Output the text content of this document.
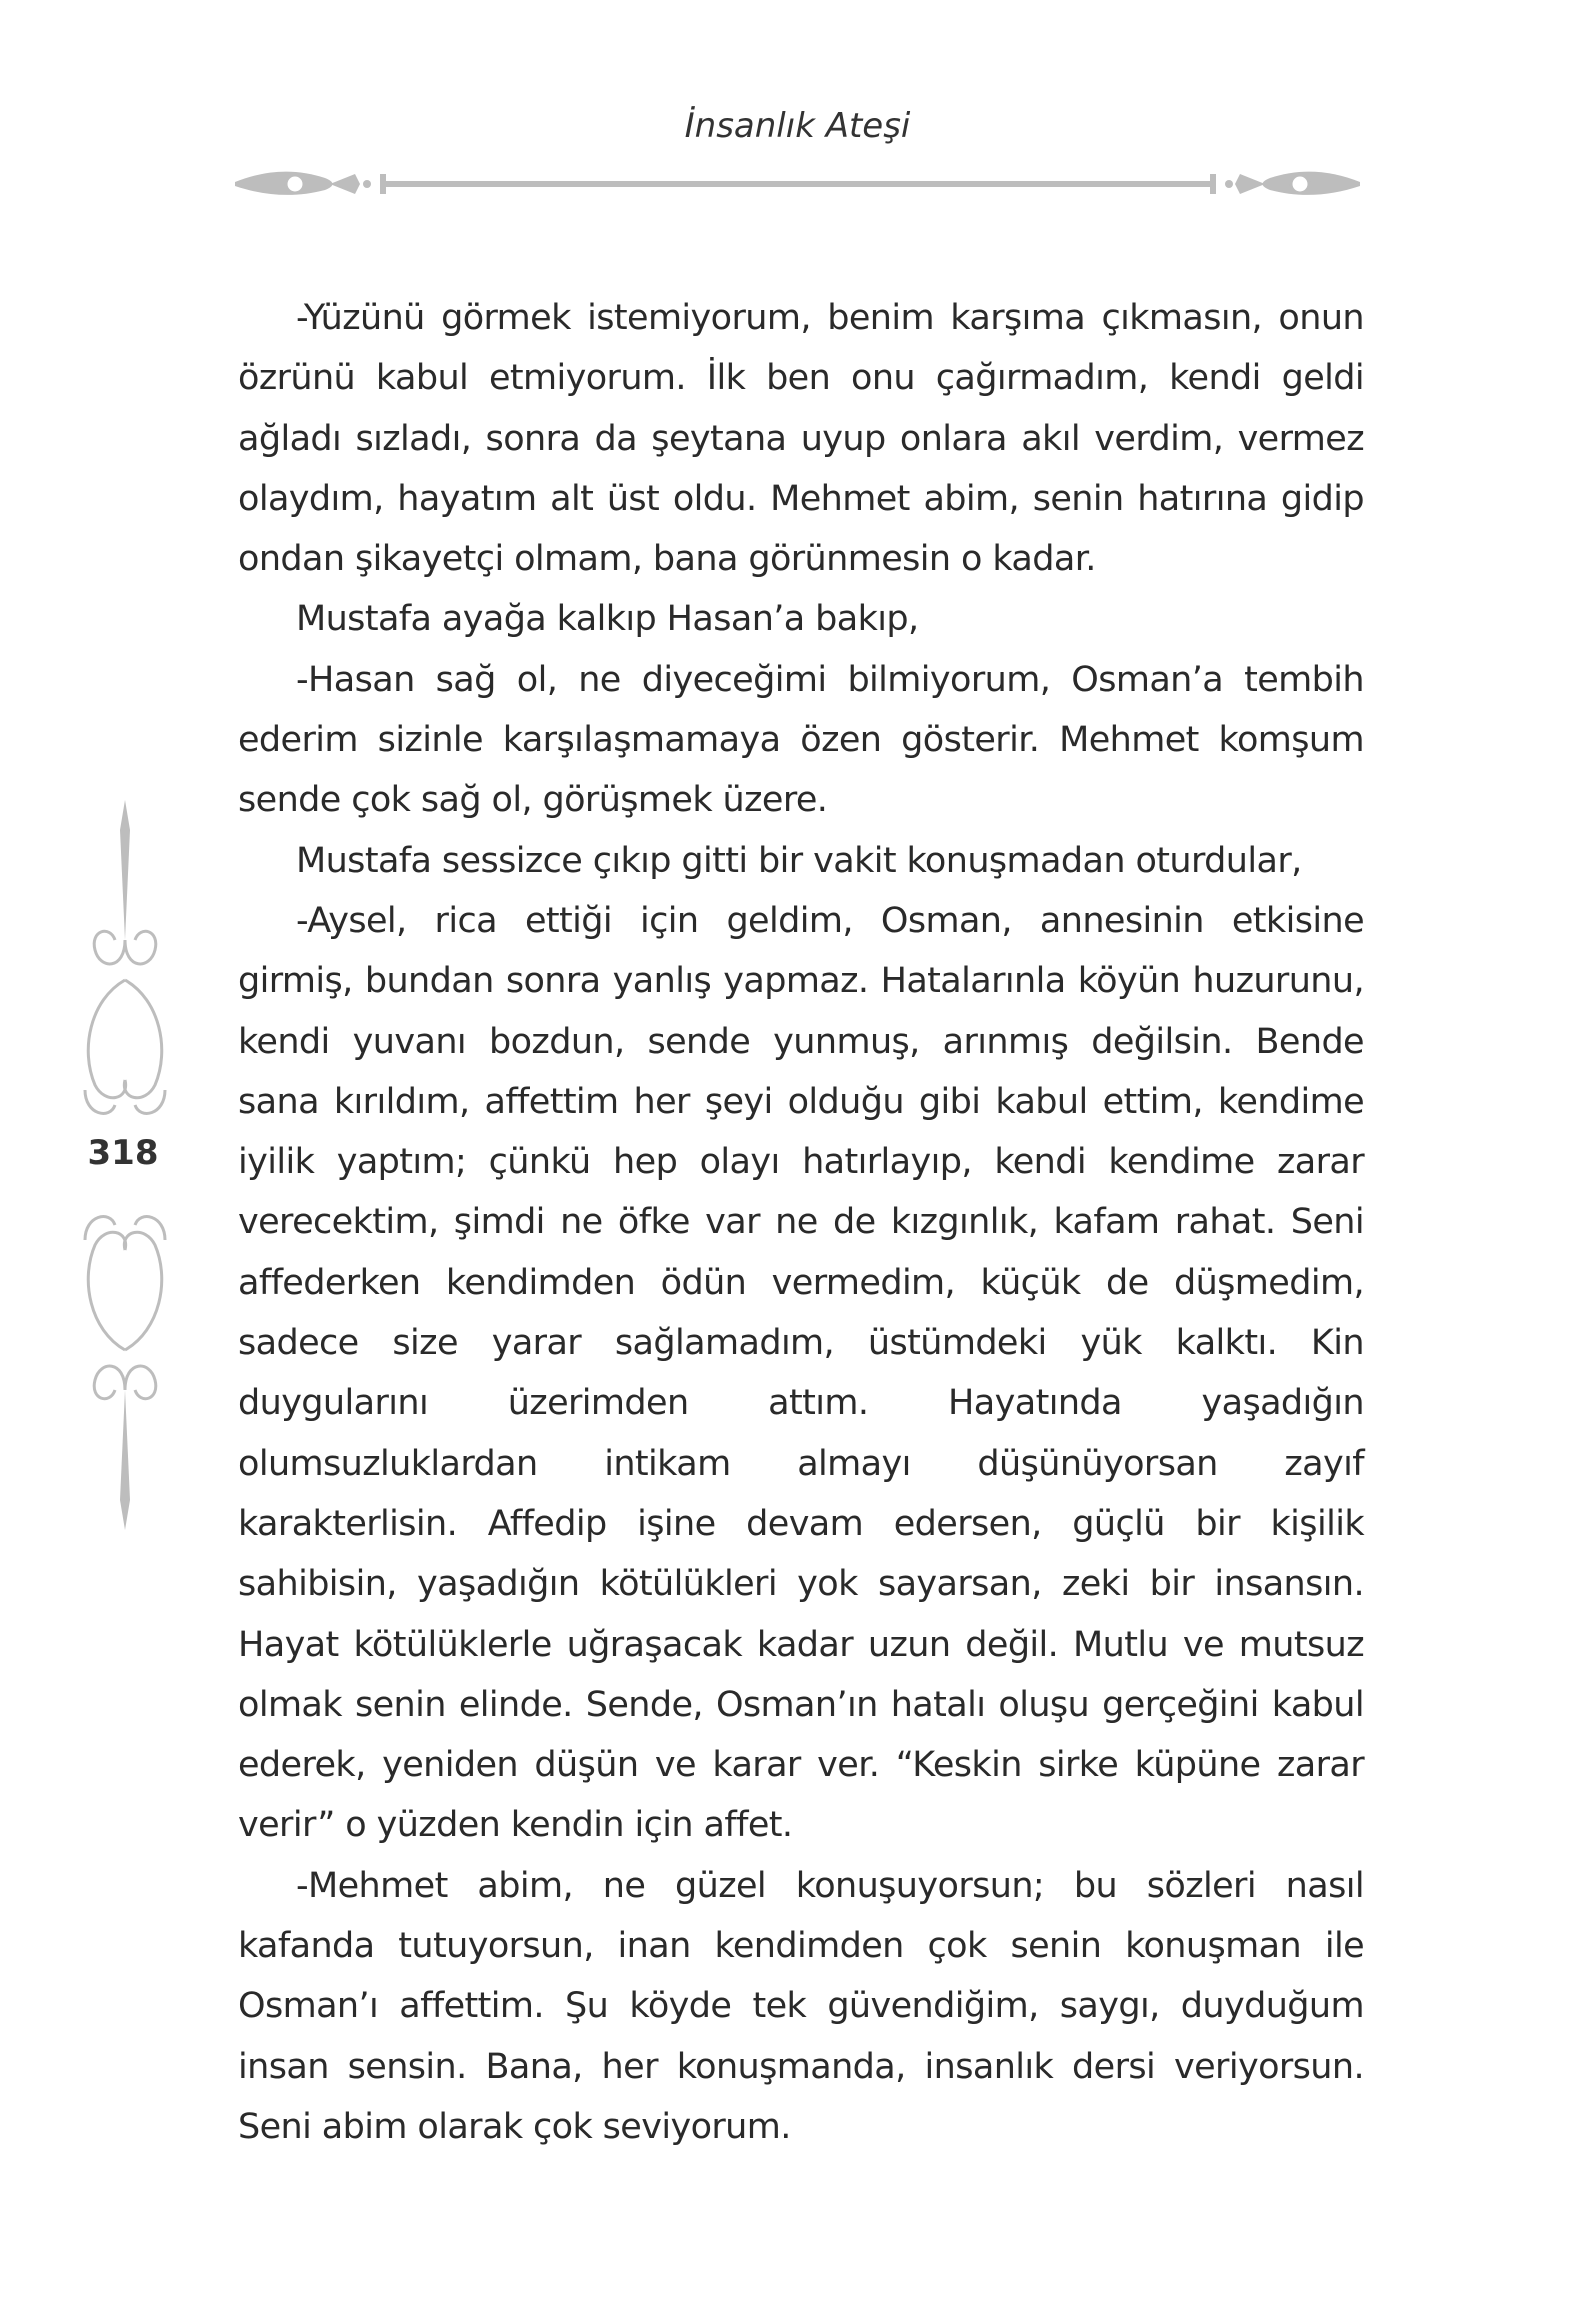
İnsanlık Ateşi
318

-Yüzünü görmek istemiyorum, benim karşıma çıkmasın, onun özrünü kabul etmiyorum. İlk ben onu çağırmadım, kendi geldi ağladı sızladı, sonra da şeytana uyup onlara akıl verdim, vermez olaydım, hayatım alt üst oldu. Mehmet abim, senin hatırına gidip ondan şikayetçi olmam, bana görünmesin o kadar.

Mustafa ayağa kalkıp Hasan’a bakıp,

-Hasan sağ ol, ne diyeceğimi bilmiyorum, Osman’a tembih ederim sizinle karşılaşmamaya özen gösterir. Mehmet komşum sende çok sağ ol, görüşmek üzere.

Mustafa sessizce çıkıp gitti bir vakit konuşmadan oturdular,

-Aysel, rica ettiği için geldim, Osman, annesinin etkisine girmiş, bundan sonra yanlış yapmaz. Hatalarınla köyün huzurunu, kendi yuvanı bozdun, sende yunmuş, arınmış değilsin. Bende sana kırıldım, affettim her şeyi olduğu gibi kabul ettim, kendime iyilik yaptım; çünkü hep olayı hatırlayıp, kendi kendime zarar verecektim, şimdi ne öfke var ne de kızgınlık, kafam rahat. Seni affederken kendimden ödün vermedim, küçük de düşmedim, sadece size yarar sağlamadım, üstümdeki yük kalktı. Kin duygularını üzerimden attım. Hayatında yaşadığın olumsuzluklardan intikam almayı düşünüyorsan zayıf karakterlisin. Affedip işine devam edersen, güçlü bir kişilik sahibisin, yaşadığın kötülükleri yok sayarsan, zeki bir insansın. Hayat kötülüklerle uğraşacak kadar uzun değil. Mutlu ve mutsuz olmak senin elinde. Sende, Osman’ın hatalı oluşu gerçeğini kabul ederek, yeniden düşün ve karar ver. “Keskin sirke küpüne zarar verir” o yüzden kendin için affet.

-Mehmet abim, ne güzel konuşuyorsun; bu sözleri nasıl kafanda tutuyorsun, inan kendimden çok senin konuşman ile Osman’ı affettim. Şu köyde tek güvendiğim, saygı, duyduğum insan sensin. Bana, her konuşmanda, insanlık dersi veriyorsun. Seni abim olarak çok seviyorum.
